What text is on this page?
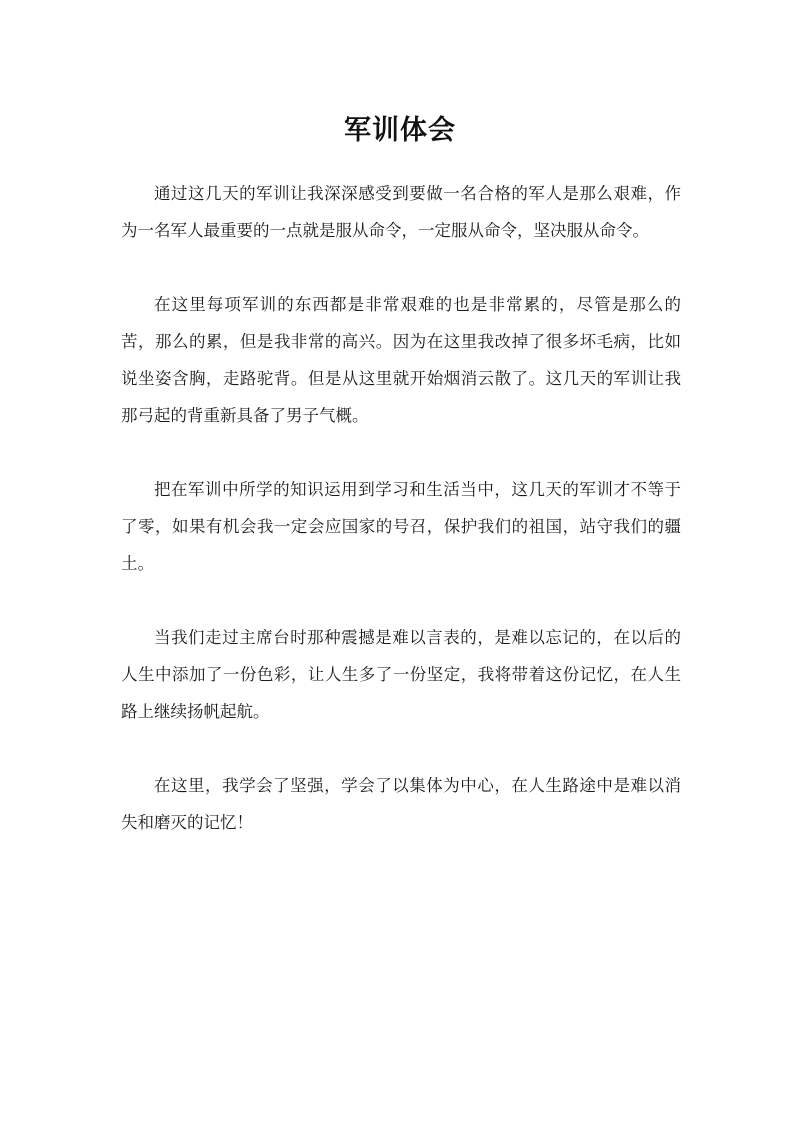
军训体会

通过这几天的军训让我深深感受到要做一名合格的军人是那么艰难，作为一名军人最重要的一点就是服从命令，一定服从命令，坚决服从命令。

在这里每项军训的东西都是非常艰难的也是非常累的，尽管是那么的苦，那么的累，但是我非常的高兴。因为在这里我改掉了很多坏毛病，比如说坐姿含胸，走路驼背。但是从这里就开始烟消云散了。这几天的军训让我那弓起的背重新具备了男子气概。

把在军训中所学的知识运用到学习和生活当中，这几天的军训才不等于了零，如果有机会我一定会应国家的号召，保护我们的祖国，站守我们的疆土。

当我们走过主席台时那种震撼是难以言表的，是难以忘记的，在以后的人生中添加了一份色彩，让人生多了一份坚定，我将带着这份记忆，在人生路上继续扬帆起航。

在这里，我学会了坚强，学会了以集体为中心，在人生路途中是难以消失和磨灭的记忆！
